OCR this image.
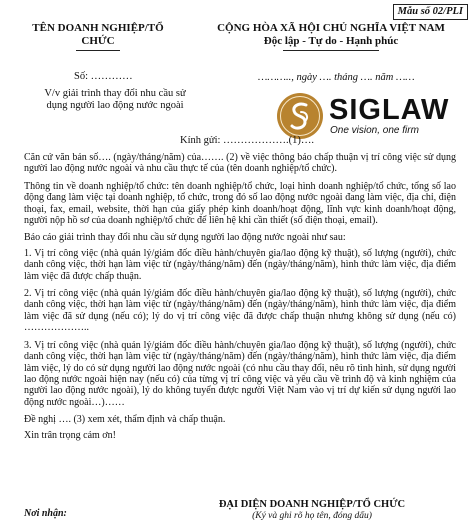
Mẫu số 02/PLI
TÊN DOANH NGHIỆP/TỔ
CHỨC
CỘNG HÒA XÃ HỘI CHỦ NGHĨA VIỆT NAM
Độc lập - Tự do - Hạnh phúc
Số: …………	……….., ngày …. tháng …. năm ……
V/v giải trình thay đổi nhu cầu sử
dụng người lao động nước ngoài	SIGLAW
One vision, one firm
Kính gửi: ……………….(1)….

Căn cứ văn bản số…. (ngày/tháng/năm) của……. (2) về việc thông báo chấp thuận vị trí công việc sử dụng người lao động nước ngoài và nhu cầu thực tế của (tên doanh nghiệp/tổ chức).

Thông tin về doanh nghiệp/tổ chức: tên doanh nghiệp/tổ chức, loại hình doanh nghiệp/tổ chức, tổng số lao động đang làm việc tại doanh nghiệp, tổ chức, trong đó số lao động nước ngoài đang làm việc, địa chỉ, điện thoại, fax, email, website, thời hạn của giấy phép kinh doanh/hoạt động, lĩnh vực kinh doanh/hoạt động, người nộp hồ sơ của doanh nghiệp/tổ chức để liên hệ khi cần thiết (số điện thoại, email).

Báo cáo giải trình thay đổi nhu cầu sử dụng người lao động nước ngoài như sau:

1. Vị trí công việc (nhà quản lý/giám đốc điều hành/chuyên gia/lao động kỹ thuật), số lượng (người), chức danh công việc, thời hạn làm việc từ (ngày/tháng/năm) đến (ngày/tháng/năm), hình thức làm việc, địa điểm làm việc đã được chấp thuận.

2. Vị trí công việc (nhà quản lý/giám đốc điều hành/chuyên gia/lao động kỹ thuật), số lượng (người), chức danh công việc, thời hạn làm việc từ (ngày/tháng/năm) đến (ngày/tháng/năm), hình thức làm việc, địa điểm làm việc đã sử dụng (nếu có); lý do vị trí công việc đã được chấp thuận nhưng không sử dụng (nếu có) ………………..

3. Vị trí công việc (nhà quản lý/giám đốc điều hành/chuyên gia/lao động kỹ thuật), số lượng (người), chức danh công việc, thời hạn làm việc từ (ngày/tháng/năm) đến (ngày/tháng/năm), hình thức làm việc, địa điểm làm việc, lý do có sử dụng người lao động nước ngoài (có nhu cầu thay đổi, nêu rõ tình hình, sử dụng người lao động nước ngoài hiện nay (nếu có) của từng vị trí công việc và yêu cầu về trình độ và kinh nghiệm của người lao động nước ngoài), lý do không tuyển được người Việt Nam vào vị trí dự kiến sử dụng người lao động nước ngoài…)……

Đề nghị …. (3) xem xét, thẩm định và chấp thuận.

Xin trân trọng cảm ơn!

Nơi nhận:
ĐẠI DIỆN DOANH NGHIỆP/TỔ CHỨC
(Ký và ghi rõ họ tên, đóng dấu)
